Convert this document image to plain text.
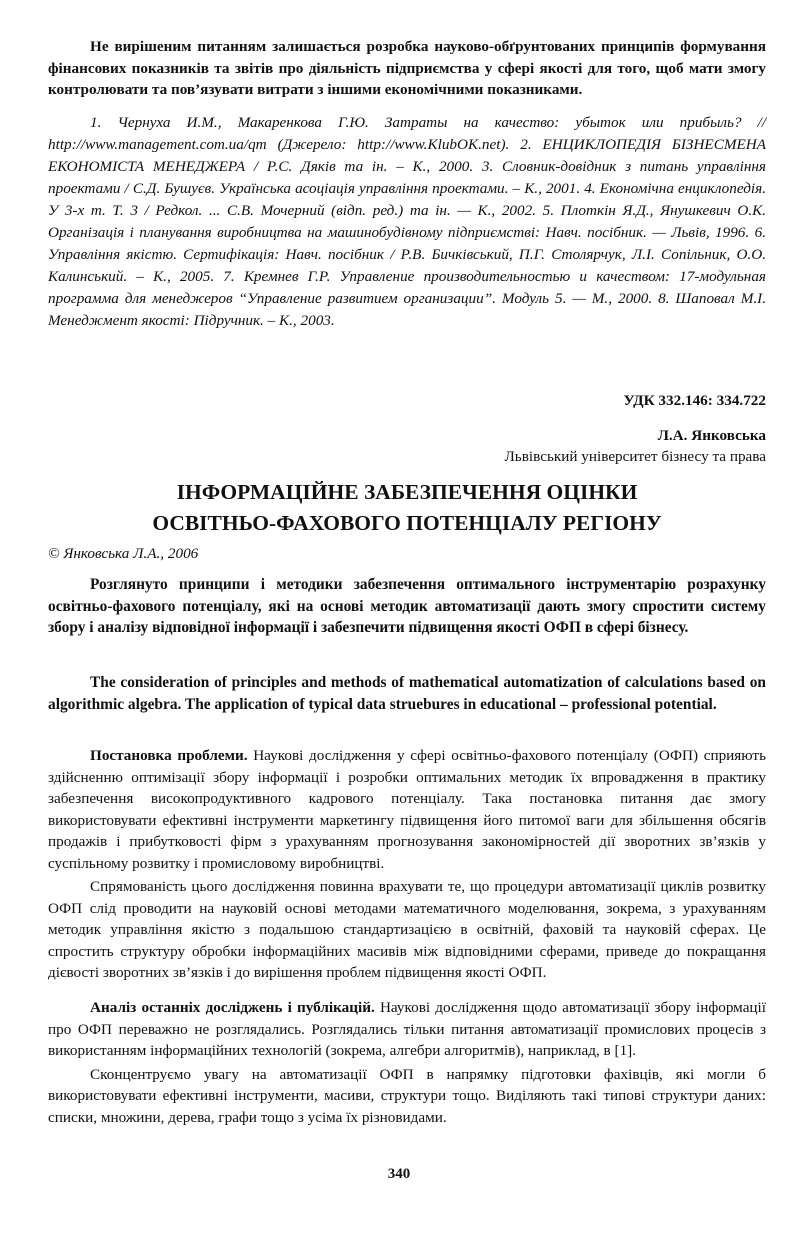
Не вирішеним питанням залишається розробка науково-обґрунтованих принципів формування фінансових показників та звітів про діяльність підприємства у сфері якості для того, щоб мати змогу контролювати та пов’язувати витрати з іншими економічними показниками.

1. Чернуха И.М., Макаренкова Г.Ю. Затраты на качество: убыток или прибыль? // http://www.management.com.ua/qm (Джерело: http://www.KlubOK.net). 2. ЕНЦИКЛОПЕДІЯ БІЗНЕСМЕНА ЕКОНОМІСТА МЕНЕДЖЕРА / Р.С. Дяків та ін. – К., 2000. 3. Словник-довідник з питань управління проектами / С.Д. Бушуєв. Українська асоціація управління проектами. – К., 2001. 4. Економічна енциклопедія. У 3-х т. Т. 3 / Редкол. ... С.В. Мочерний (відп. ред.) та ін. — К., 2002. 5. Плоткін Я.Д., Янушкевич О.К. Організація і планування виробництва на машинобудівному підприємстві: Навч. посібник. — Львів, 1996. 6. Управління якістю. Сертифікація: Навч. посібник / Р.В. Бичківський, П.Г. Столярчук, Л.І. Сопільник, О.О. Калинський. – К., 2005. 7. Кремнев Г.Р. Управление производительностью и качеством: 17-модульная программа для менеджеров “Управление развитием организации”. Модуль 5. — М., 2000. 8. Шаповал М.І. Менеджмент якості: Підручник. – К., 2003.

УДК 332.146: 334.722
Л.А. Янковська
Львівський університет бізнесу та права
ІНФОРМАЦІЙНЕ ЗАБЕЗПЕЧЕННЯ ОЦІНКИ
ОСВІТНЬО-ФАХОВОГО ПОТЕНЦІАЛУ РЕГІОНУ
© Янковська Л.А., 2006

Розглянуто принципи і методики забезпечення оптимального інструментарію розрахунку освітньо-фахового потенціалу, які на основі методик автоматизації дають змогу спростити систему збору і аналізу відповідної інформації і забезпечити підвищення якості ОФП в сфері бізнесу.

The consideration of principles and methods of mathematical automatization of calculations based on algorithmic algebra. The application of typical data struebures in educational – professional potential.

Постановка проблеми. Наукові дослідження у сфері освітньо-фахового потенціалу (ОФП) сприяють здійсненню оптимізації збору інформації і розробки оптимальних методик їх впровадження в практику забезпечення високопродуктивного кадрового потенціалу. Така постановка питання дає змогу використовувати ефективні інструменти маркетингу підвищення його питомої ваги для збільшення обсягів продажів і прибутковості фірм з урахуванням прогнозування закономірностей дії зворотних зв’язків у суспільному розвитку і промисловому виробництві.

Спрямованість цього дослідження повинна врахувати те, що процедури автоматизації циклів розвитку ОФП слід проводити на науковій основі методами математичного моделювання, зокрема, з урахуванням методик управління якістю з подальшою стандартизацією в освітній, фаховій та науковій сферах. Це спростить структуру обробки інформаційних масивів між відповідними сферами, приведе до покращання дієвості зворотних зв’язків і до вирішення проблем підвищення якості ОФП.

Аналіз останніх досліджень і публікацій. Наукові дослідження щодо автоматизації збору інформації про ОФП переважно не розглядались. Розглядались тільки питання автоматизації промислових процесів з використанням інформаційних технологій (зокрема, алгебри алгоритмів), наприклад, в [1].

Сконцентруємо увагу на автоматизації ОФП в напрямку підготовки фахівців, які могли б використовувати ефективні інструменти, масиви, структури тощо. Виділяють такі типові структури даних: списки, множини, дерева, графи тощо з усіма їх різновидами.

340
